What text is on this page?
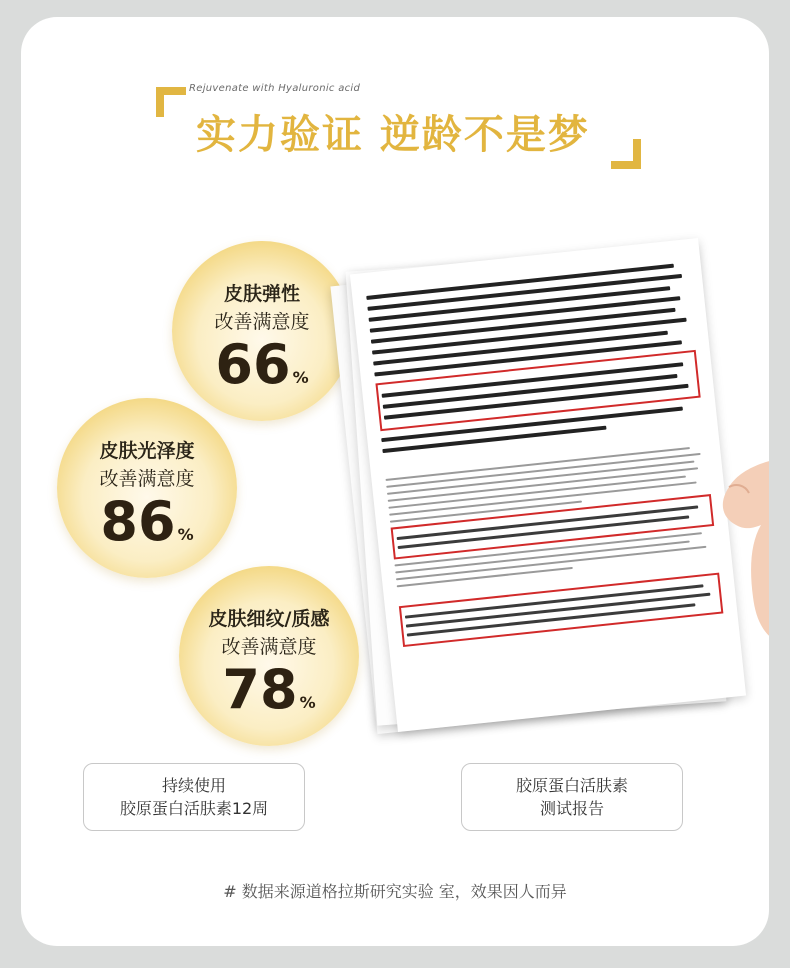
Rejuvenate with Hyaluronic acid
实力验证 逆龄不是梦
皮肤弹性
改善满意度
66 %
皮肤光泽度
改善满意度
86 %
皮肤细纹/质感
改善满意度
78 %
持续使用
胶原蛋白活肤素12周
胶原蛋白活肤素
测试报告
# 数据来源道格拉斯研究实验 室，效果因人而异
